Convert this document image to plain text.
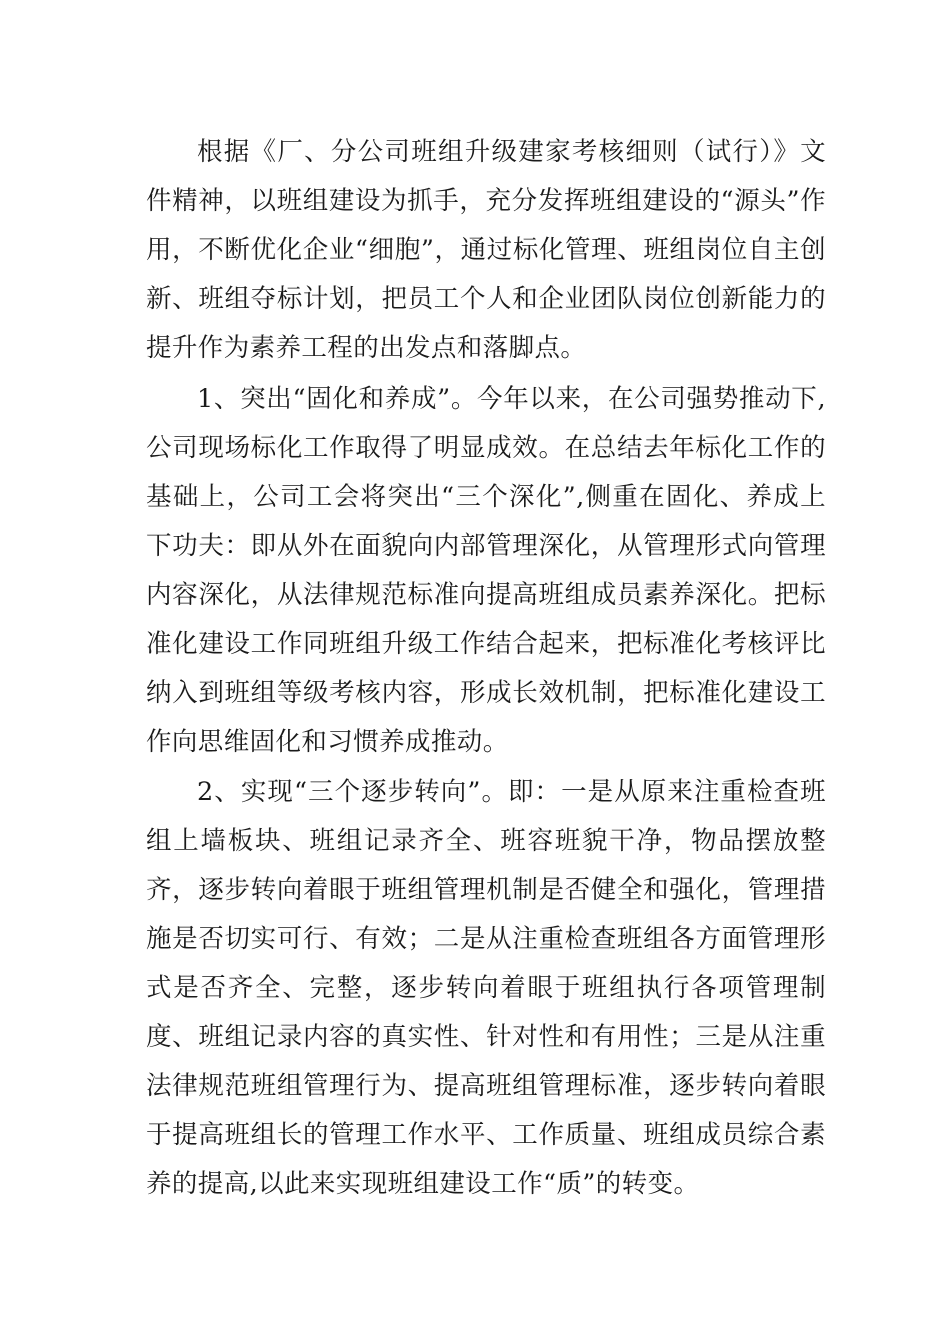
根据《厂、分公司班组升级建家考核细则（试行）》文件精神，以班组建设为抓手，充分发挥班组建设的“源头”作用，不断优化企业“细胞”，通过标化管理、班组岗位自主创新、班组夺标计划，把员工个人和企业团队岗位创新能力的提升作为素养工程的出发点和落脚点。

1、突出“固化和养成”。今年以来，在公司强势推动下,公司现场标化工作取得了明显成效。在总结去年标化工作的基础上，公司工会将突出“三个深化”,侧重在固化、养成上下功夫：即从外在面貌向内部管理深化，从管理形式向管理内容深化，从法律规范标准向提高班组成员素养深化。把标准化建设工作同班组升级工作结合起来，把标准化考核评比纳入到班组等级考核内容，形成长效机制，把标准化建设工作向思维固化和习惯养成推动。

2、实现“三个逐步转向”。即：一是从原来注重检查班组上墙板块、班组记录齐全、班容班貌干净，物品摆放整齐，逐步转向着眼于班组管理机制是否健全和强化，管理措施是否切实可行、有效；二是从注重检查班组各方面管理形式是否齐全、完整，逐步转向着眼于班组执行各项管理制度、班组记录内容的真实性、针对性和有用性；三是从注重法律规范班组管理行为、提高班组管理标准，逐步转向着眼于提高班组长的管理工作水平、工作质量、班组成员综合素养的提高,以此来实现班组建设工作“质”的转变。
